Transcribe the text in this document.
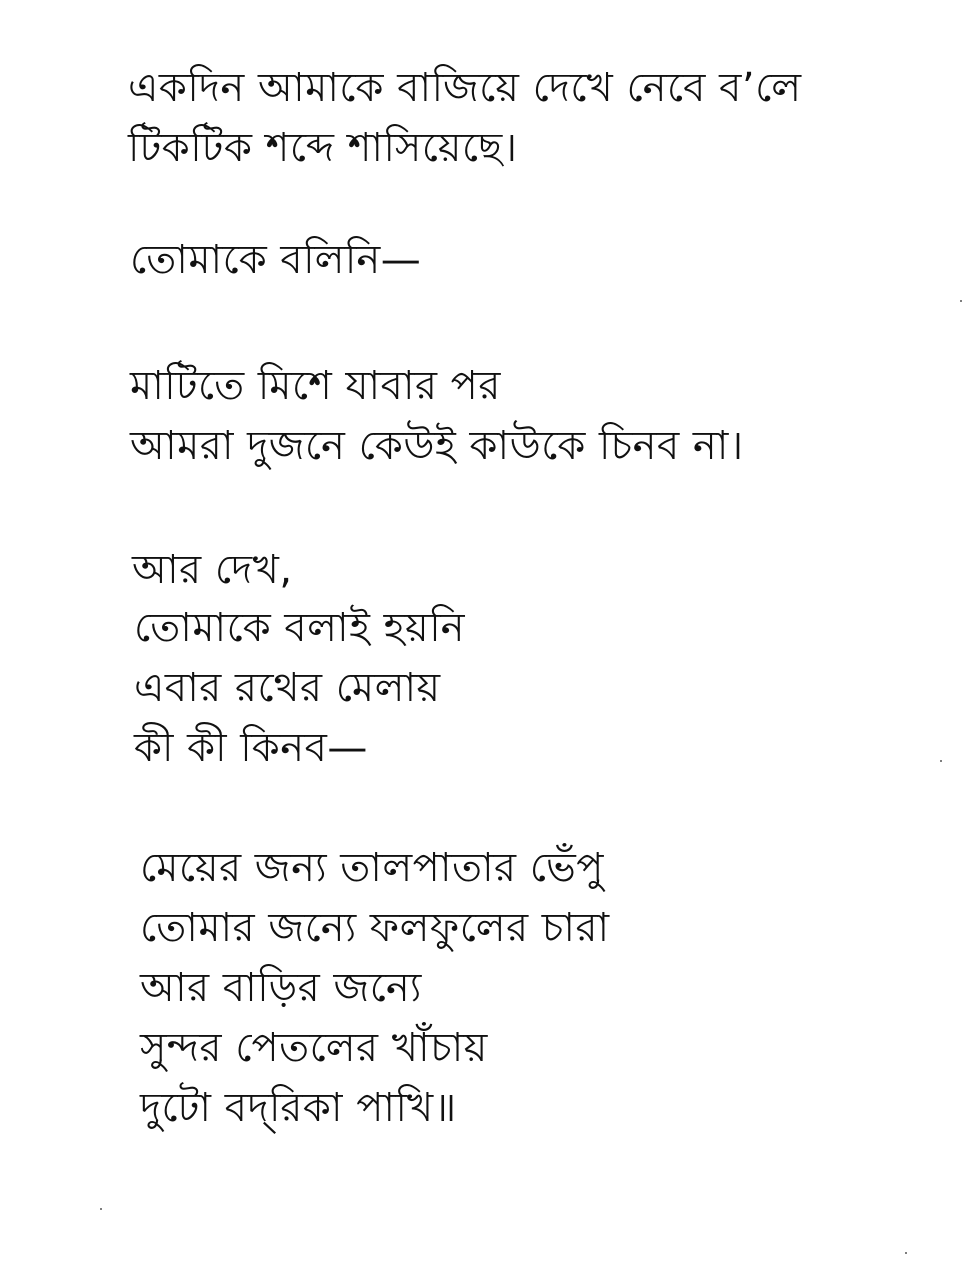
একদিন আমাকে বাজিয়ে দেখে নেবে ব’লে
টিকটিক শব্দে শাসিয়েছে।
তোমাকে বলিনি—
মাটিতে মিশে যাবার পর
আমরা দুজনে কেউই কাউকে চিনব না।
আর দেখ,
তোমাকে বলাই হয়নি
এবার রথের মেলায়
কী কী কিনব—
মেয়ের জন্য তালপাতার ভেঁপু
তোমার জন্যে ফলফুলের চারা
আর বাড়ির জন্যে
সুন্দর পেতলের খাঁচায়
দুটো বদ্‌রিকা পাখি॥
